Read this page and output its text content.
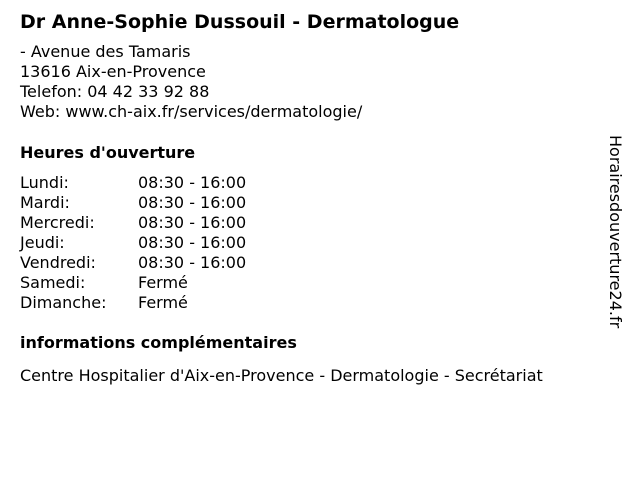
Dr Anne-Sophie Dussouil - Dermatologue
- Avenue des Tamaris
13616 Aix-en-Provence
Telefon: 04 42 33 92 88
Web: www.ch-aix.fr/services/dermatologie/
Heures d'ouverture
Lundi:	08:30 - 16:00
Mardi:	08:30 - 16:00
Mercredi:	08:30 - 16:00
Jeudi:	08:30 - 16:00
Vendredi:	08:30 - 16:00
Samedi:	Fermé
Dimanche:	Fermé
informations complémentaires
Centre Hospitalier d'Aix-en-Provence - Dermatologie - Secrétariat
Horairesdouverture24.fr
